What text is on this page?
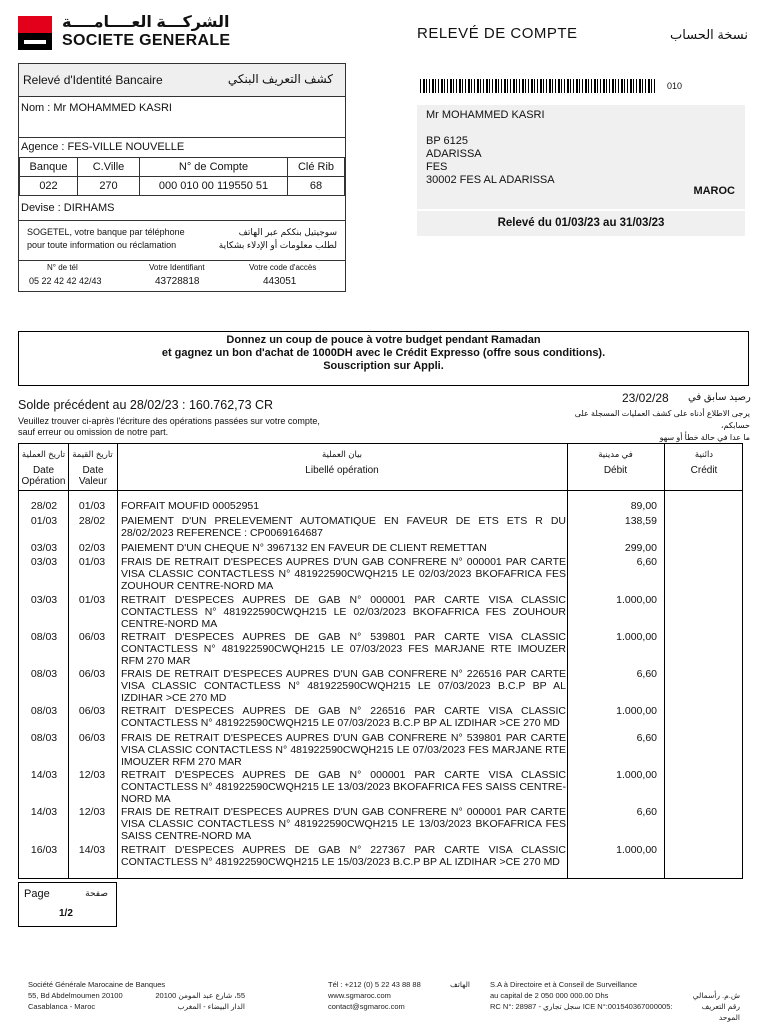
الشركـــة العــــامــــة
SOCIETE GENERALE	RELEVÉ DE COMPTE	نسخة الحساب
Relevé d'Identité Bancaire	كشف التعريف البنكي
Nom : Mr MOHAMMED KASRI
Agence : FES-VILLE NOUVELLE
Banque	C.Ville	N° de Compte	Clé Rib
022	270	000 010 00 119550 51	68
Devise : DIRHAMS
SOGETEL, votre banque par téléphone
pour toute information ou réclamation
سوجيتيل بنككم عبر الهاتف
لطلب معلومات أو الإدلاء بشكاية
N° de tél	Votre Identifiant	Votre code d'accès
05 22 42 42 42/43	43728818	443051
010
Mr MOHAMMED KASRI
BP 6125
ADARISSA
FES
30002 FES AL ADARISSA
MAROC
Relevé du 01/03/23 au 31/03/23
Donnez un coup de pouce à votre budget pendant Ramadan
et gagnez un bon d'achat de 1000DH avec le Crédit Expresso (offre sous conditions).
Souscription sur Appli.
Solde précédent au 28/02/23 : 160.762,73 CR	23/02/28 رصيد سابق في
Veuillez trouver ci-après l'écriture des opérations passées sur votre compte,
sauf erreur ou omission de notre part.
يرجى الاطلاع أدناه على كشف العمليات المسجلة على حسابكم،
ما عدا في حالة خطأ أو سهو
تاريخ العملية
Date Opération
تاريخ القيمة
Date Valeur
بيان العملية
Libellé opération
في مدينية
Débit
دائنية
Crédit
28/02	01/03	FORFAIT MOUFID 00052951	89,00
01/03	28/02	PAIEMENT D'UN PRELEVEMENT AUTOMATIQUE EN FAVEUR DE ETS ETS R DU 28/02/2023 REFERENCE : CP0069164687
138,59
03/03	02/03	PAIEMENT D'UN CHEQUE N° 3967132 EN FAVEUR DE CLIENT REMETTAN	299,00
03/03	01/03	FRAIS DE RETRAIT D'ESPECES AUPRES D'UN GAB CONFRERE N° 000001 PAR CARTE VISA CLASSIC CONTACTLESS N° 481922590CWQH215 LE 02/03/2023 BKOFAFRICA FES ZOUHOUR CENTRE-NORD MA
6,60
03/03	01/03	RETRAIT D'ESPECES AUPRES DE GAB N° 000001 PAR CARTE VISA CLASSIC CONTACTLESS N° 481922590CWQH215 LE 02/03/2023 BKOFAFRICA FES ZOUHOUR CENTRE-NORD MA
1.000,00
08/03	06/03	RETRAIT D'ESPECES AUPRES DE GAB N° 539801 PAR CARTE VISA CLASSIC CONTACTLESS N° 481922590CWQH215 LE 07/03/2023 FES MARJANE RTE IMOUZER RFM 270 MAR
1.000,00
08/03	06/03	FRAIS DE RETRAIT D'ESPECES AUPRES D'UN GAB CONFRERE N° 226516 PAR CARTE VISA CLASSIC CONTACTLESS N° 481922590CWQH215 LE 07/03/2023 B.C.P BP AL IZDIHAR >CE 270 MD
6,60
08/03	06/03	RETRAIT D'ESPECES AUPRES DE GAB N° 226516 PAR CARTE VISA CLASSIC CONTACTLESS N° 481922590CWQH215 LE 07/03/2023 B.C.P BP AL IZDIHAR >CE 270 MD
1.000,00
08/03	06/03	FRAIS DE RETRAIT D'ESPECES AUPRES D'UN GAB CONFRERE N° 539801 PAR CARTE VISA CLASSIC CONTACTLESS N° 481922590CWQH215 LE 07/03/2023 FES MARJANE RTE IMOUZER RFM 270 MAR
6,60
14/03	12/03	RETRAIT D'ESPECES AUPRES DE GAB N° 000001 PAR CARTE VISA CLASSIC CONTACTLESS N° 481922590CWQH215 LE 13/03/2023 BKOFAFRICA FES SAISS CENTRE-NORD MA
1.000,00
14/03	12/03	FRAIS DE RETRAIT D'ESPECES AUPRES D'UN GAB CONFRERE N° 000001 PAR CARTE VISA CLASSIC CONTACTLESS N° 481922590CWQH215 LE 13/03/2023 BKOFAFRICA FES SAISS CENTRE-NORD MA
6,60
16/03	14/03	RETRAIT D'ESPECES AUPRES DE GAB N° 227367 PAR CARTE VISA CLASSIC CONTACTLESS N° 481922590CWQH215 LE 15/03/2023 B.C.P BP AL IZDIHAR >CE 270 MD
1.000,00
Page	صفحة
1/2
Société Générale Marocaine de Banques
55, Bd Abdelmoumen 20100
Casablanca - Maroc
55، شارع عبد المومن 20100
الدار البيضاء - المغرب
Tél : +212 (0) 5 22 43 88 88
www.sgmaroc.com
contact@sgmaroc.com
الهاتف	S.A à Directoire et à Conseil de Surveillance
au capital de 2 050 000 000.00 Dhs
RC N°: 28987 - سجل تجاري ICE N°:001540367000005:
ش.م. رأسمالي
رقم التعريف الموحد
